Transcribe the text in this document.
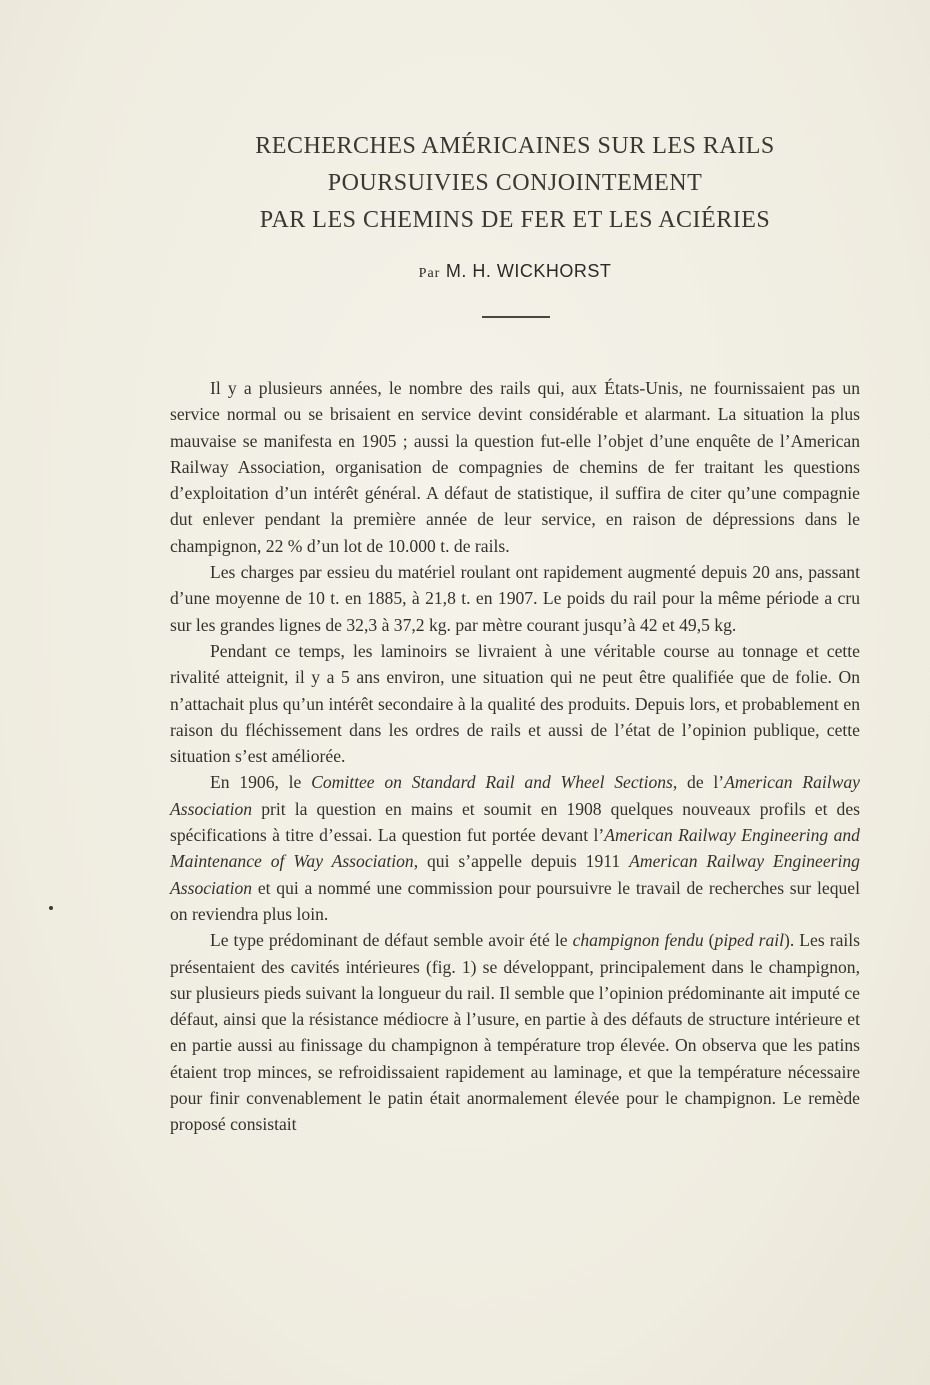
RECHERCHES AMÉRICAINES SUR LES RAILS
POURSUIVIES CONJOINTEMENT
PAR LES CHEMINS DE FER ET LES ACIÉRIES
Par M. H. WICKHORST

Il y a plusieurs années, le nombre des rails qui, aux États-Unis, ne fournissaient pas un service normal ou se brisaient en service devint considérable et alarmant. La situation la plus mauvaise se manifesta en 1905 ; aussi la question fut-elle l’objet d’une enquête de l’American Railway Association, organisation de compagnies de chemins de fer traitant les questions d’exploitation d’un intérêt général. A défaut de statistique, il suffira de citer qu’une compagnie dut enlever pendant la première année de leur service, en raison de dépressions dans le champignon, 22 % d’un lot de 10.000 t. de rails.

Les charges par essieu du matériel roulant ont rapidement augmenté depuis 20 ans, passant d’une moyenne de 10 t. en 1885, à 21,8 t. en 1907. Le poids du rail pour la même période a cru sur les grandes lignes de 32,3 à 37,2 kg. par mètre courant jusqu’à 42 et 49,5 kg.

Pendant ce temps, les laminoirs se livraient à une véritable course au tonnage et cette rivalité atteignit, il y a 5 ans environ, une situation qui ne peut être qualifiée que de folie. On n’attachait plus qu’un intérêt secondaire à la qualité des produits. Depuis lors, et probablement en raison du fléchissement dans les ordres de rails et aussi de l’état de l’opinion publique, cette situation s’est améliorée.

En 1906, le Comittee on Standard Rail and Wheel Sections, de l’American Railway Association prit la question en mains et soumit en 1908 quelques nouveaux profils et des spécifications à titre d’essai. La question fut portée devant l’American Railway Engineering and Maintenance of Way Association, qui s’appelle depuis 1911 American Railway Engineering Association et qui a nommé une commission pour poursuivre le travail de recherches sur lequel on reviendra plus loin.

Le type prédominant de défaut semble avoir été le champignon fendu (piped rail). Les rails présentaient des cavités intérieures (fig. 1) se développant, principalement dans le champignon, sur plusieurs pieds suivant la longueur du rail. Il semble que l’opinion prédominante ait imputé ce défaut, ainsi que la résistance médiocre à l’usure, en partie à des défauts de structure intérieure et en partie aussi au finissage du champignon à température trop élevée. On observa que les patins étaient trop minces, se refroidissaient rapidement au laminage, et que la température nécessaire pour finir convenablement le patin était anormalement élevée pour le champignon. Le remède proposé consistait
